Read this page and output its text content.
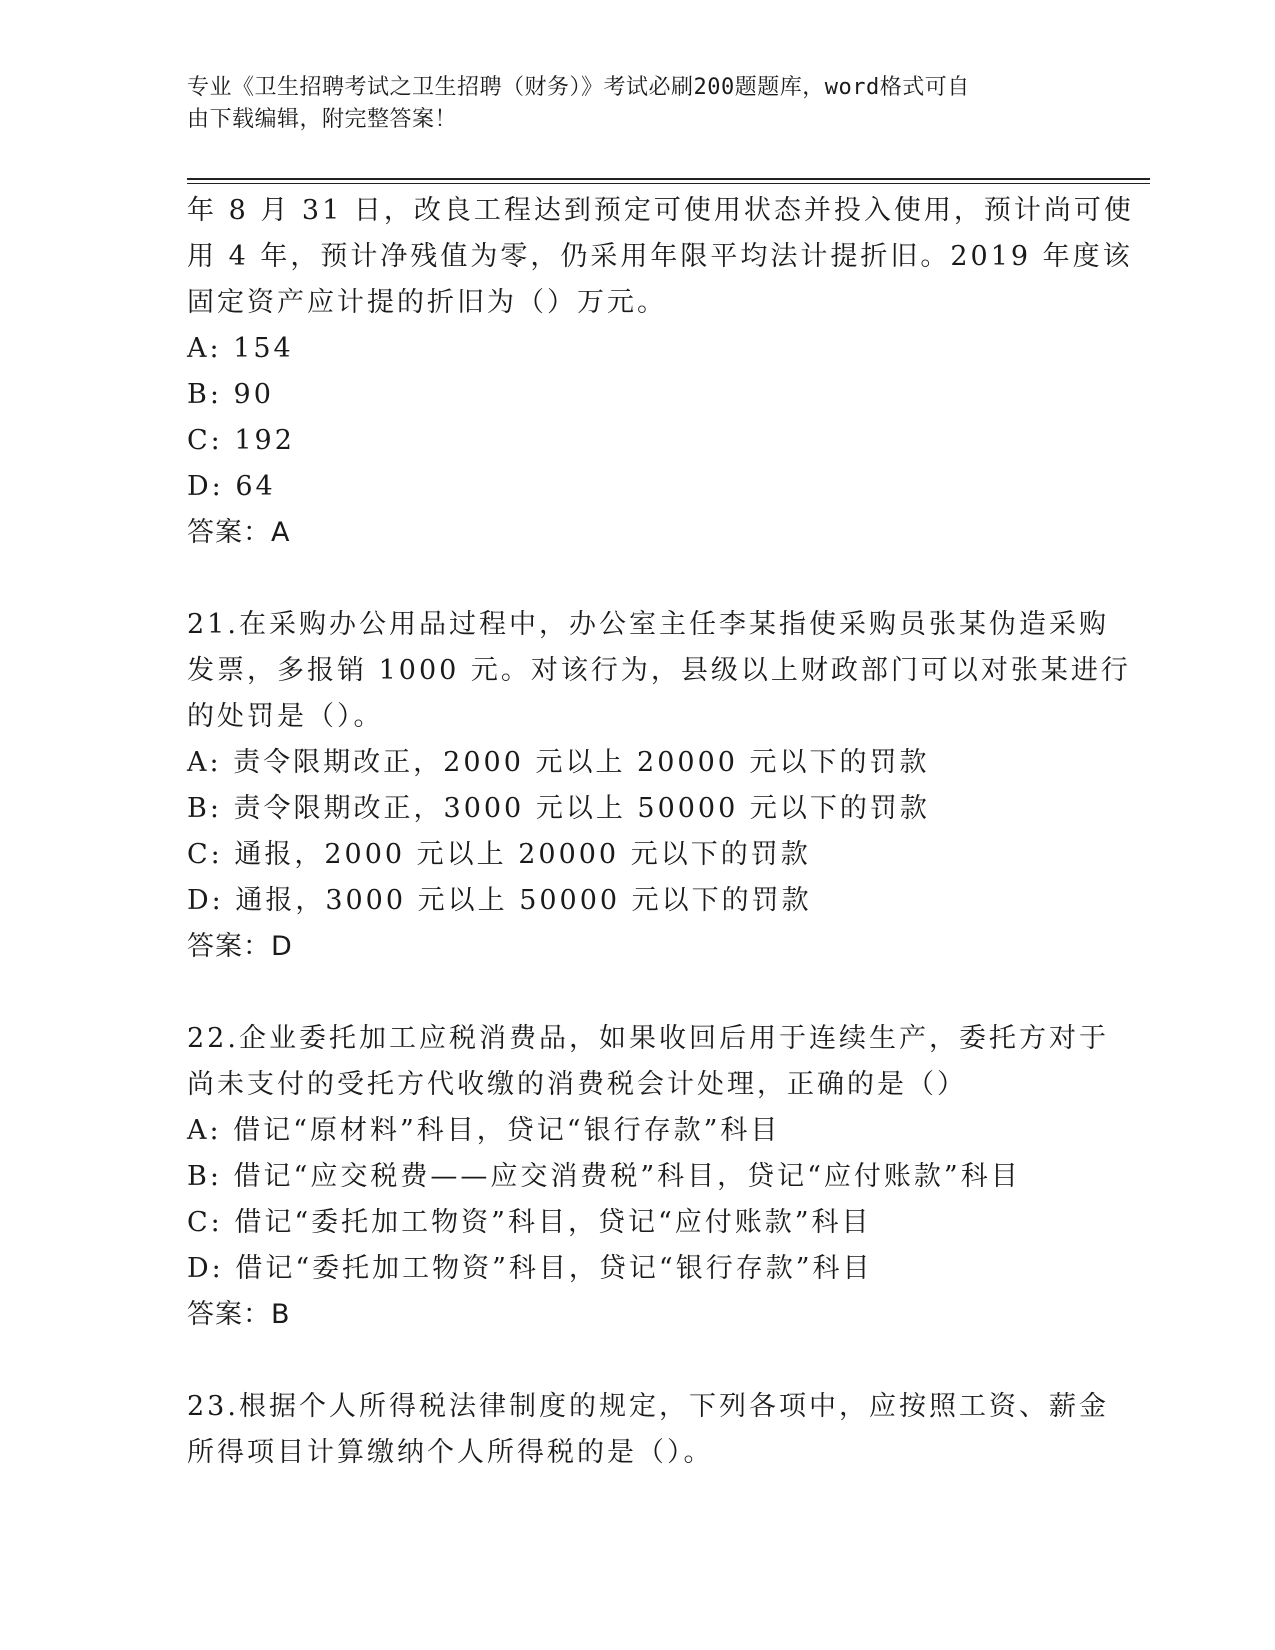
专业《卫生招聘考试之卫生招聘（财务）》考试必刷200题题库，word格式可自
由下载编辑，附完整答案！
年 8 月 31 日，改良工程达到预定可使用状态并投入使用，预计尚可使
用 4 年，预计净残值为零，仍采用年限平均法计提折旧。2019 年度该
固定资产应计提的折旧为（）万元。
A: 154
B: 90
C: 192
D: 64
答案：A
21.在采购办公用品过程中，办公室主任李某指使采购员张某伪造采购
发票，多报销 1000 元。对该行为，县级以上财政部门可以对张某进行
的处罚是（）。
A: 责令限期改正，2000 元以上 20000 元以下的罚款
B: 责令限期改正，3000 元以上 50000 元以下的罚款
C: 通报，2000 元以上 20000 元以下的罚款
D: 通报，3000 元以上 50000 元以下的罚款
答案：D
22.企业委托加工应税消费品，如果收回后用于连续生产，委托方对于
尚未支付的受托方代收缴的消费税会计处理，正确的是（）
A: 借记“原材料”科目，贷记“银行存款”科目
B: 借记“应交税费——应交消费税”科目，贷记“应付账款”科目
C: 借记“委托加工物资”科目，贷记“应付账款”科目
D: 借记“委托加工物资”科目，贷记“银行存款”科目
答案：B
23.根据个人所得税法律制度的规定，下列各项中，应按照工资、薪金
所得项目计算缴纳个人所得税的是（）。
